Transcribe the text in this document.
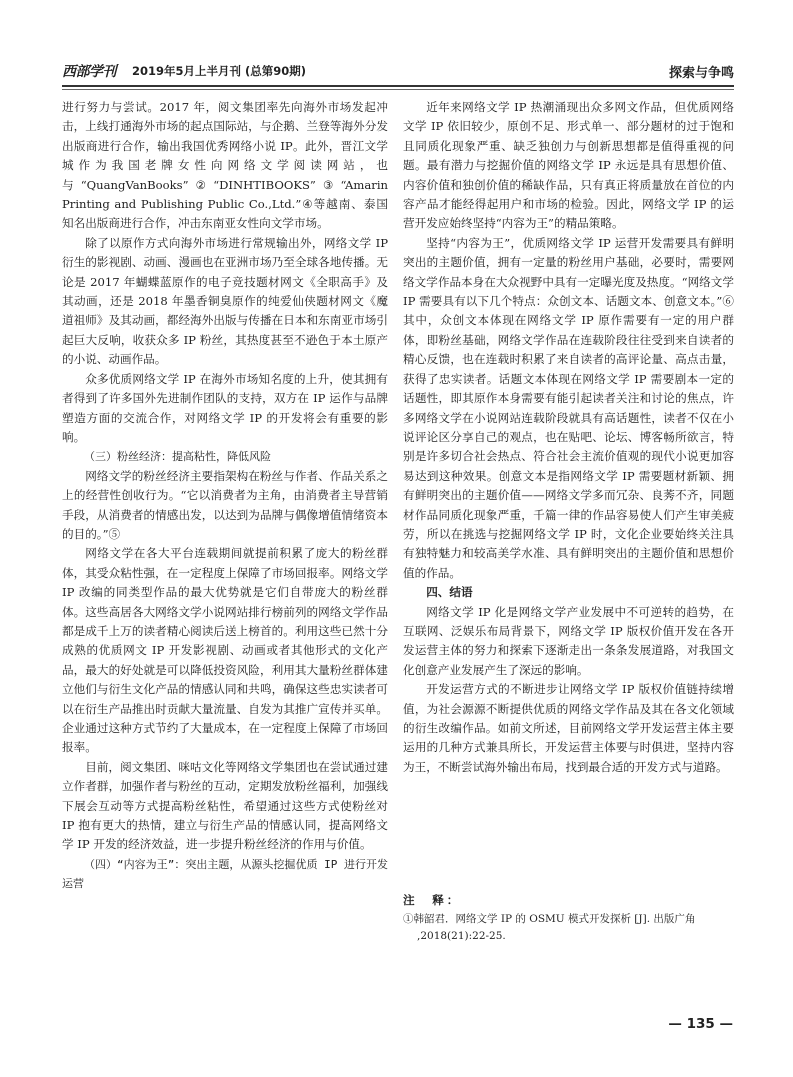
西部学刊 2019年5月上半月刊 (总第90期)	探索与争鸣

进行努力与尝试。2017 年，阅文集团率先向海外市场发起冲击，上线打通海外市场的起点国际站，与企鹅、兰登等海外分发出版商进行合作，输出我国优秀网络小说 IP。此外，晋江文学城作为我国老牌女性向网络文学阅读网站，也与“QuangVanBooks”②“DINHTIBOOKS”③“Amarin Printing and Publishing Public Co.,Ltd.”④等越南、泰国知名出版商进行合作，冲击东南亚女性向文学市场。

除了以原作方式向海外市场进行常规输出外，网络文学 IP 衍生的影视剧、动画、漫画也在亚洲市场乃至全球各地传播。无论是 2017 年蝴蝶蓝原作的电子竞技题材网文《全职高手》及其动画，还是 2018 年墨香铜臭原作的纯爱仙侠题材网文《魔道祖师》及其动画，都经海外出版与传播在日本和东南亚市场引起巨大反响，收获众多 IP 粉丝，其热度甚至不逊色于本土原产的小说、动画作品。

众多优质网络文学 IP 在海外市场知名度的上升，使其拥有者得到了许多国外先进制作团队的支持，双方在 IP 运作与品牌塑造方面的交流合作，对网络文学 IP 的开发将会有重要的影响。

（三）粉丝经济：提高粘性，降低风险

网络文学的粉丝经济主要指架构在粉丝与作者、作品关系之上的经营性创收行为。“它以消费者为主角，由消费者主导营销手段，从消费者的情感出发，以达到为品牌与偶像增值情绪资本的目的。”⑤

网络文学在各大平台连载期间就提前积累了庞大的粉丝群体，其受众粘性强，在一定程度上保障了市场回报率。网络文学 IP 改编的同类型作品的最大优势就是它们自带庞大的粉丝群体。这些高居各大网络文学小说网站排行榜前列的网络文学作品都是成千上万的读者精心阅读后送上榜首的。利用这些已然十分成熟的优质网文 IP 开发影视剧、动画或者其他形式的文化产品，最大的好处就是可以降低投资风险，利用其大量粉丝群体建立他们与衍生文化产品的情感认同和共鸣，确保这些忠实读者可以在衍生产品推出时贡献大量流量、自发为其推广宣传并买单。企业通过这种方式节约了大量成本，在一定程度上保障了市场回报率。

目前，阅文集团、咪咕文化等网络文学集团也在尝试通过建立作者群，加强作者与粉丝的互动，定期发放粉丝福利，加强线下展会互动等方式提高粉丝粘性，希望通过这些方式使粉丝对 IP 抱有更大的热情，建立与衍生产品的情感认同，提高网络文学 IP 开发的经济效益，进一步提升粉丝经济的作用与价值。

（四）“内容为王”：突出主题，从源头挖掘优质 IP 进行开发运营

近年来网络文学 IP 热潮涌现出众多网文作品，但优质网络文学 IP 依旧较少，原创不足、形式单一、部分题材的过于饱和且同质化现象严重、缺乏独创力与创新思想都是值得重视的问题。最有潜力与挖掘价值的网络文学 IP 永远是具有思想价值、内容价值和独创价值的稀缺作品，只有真正将质量放在首位的内容产品才能经得起用户和市场的检验。因此，网络文学 IP 的运营开发应始终坚持“内容为王”的精品策略。

坚持“内容为王”，优质网络文学 IP 运营开发需要具有鲜明突出的主题价值，拥有一定量的粉丝用户基础，必要时，需要网络文学作品本身在大众视野中具有一定曝光度及热度。“网络文学 IP 需要具有以下几个特点：众创文本、话题文本、创意文本。”⑥其中，众创文本体现在网络文学 IP 原作需要有一定的用户群体，即粉丝基础，网络文学作品在连载阶段往往受到来自读者的精心反馈，也在连载时积累了来自读者的高评论量、高点击量，获得了忠实读者。话题文本体现在网络文学 IP 需要剧本一定的话题性，即其原作本身需要有能引起读者关注和讨论的焦点，许多网络文学在小说网站连载阶段就具有高话题性，读者不仅在小说评论区分享自己的观点，也在贴吧、论坛、博客畅所欲言，特别是许多切合社会热点、符合社会主流价值观的现代小说更加容易达到这种效果。创意文本是指网络文学 IP 需要题材新颖、拥有鲜明突出的主题价值——网络文学多而冗杂、良莠不齐，同题材作品同质化现象严重，千篇一律的作品容易使人们产生审美疲劳，所以在挑选与挖掘网络文学 IP 时，文化企业要始终关注具有独特魅力和较高美学水准、具有鲜明突出的主题价值和思想价值的作品。

四、结语

网络文学 IP 化是网络文学产业发展中不可逆转的趋势，在互联网、泛娱乐布局背景下，网络文学 IP 版权价值开发在各开发运营主体的努力和探索下逐渐走出一条条发展道路，对我国文化创意产业发展产生了深远的影响。

开发运营方式的不断进步让网络文学 IP 版权价值链持续增值，为社会源源不断提供优质的网络文学作品及其在各文化领域的衍生改编作品。如前文所述，目前网络文学开发运营主体主要运用的几种方式兼具所长，开发运营主体要与时俱进，坚持内容为王，不断尝试海外输出布局，找到最合适的开发方式与道路。

注　释：

①韩韶君．网络文学 IP 的 OSMU 模式开发探析 [J]. 出版广角 ,2018(21):22-25.

— 135 —
